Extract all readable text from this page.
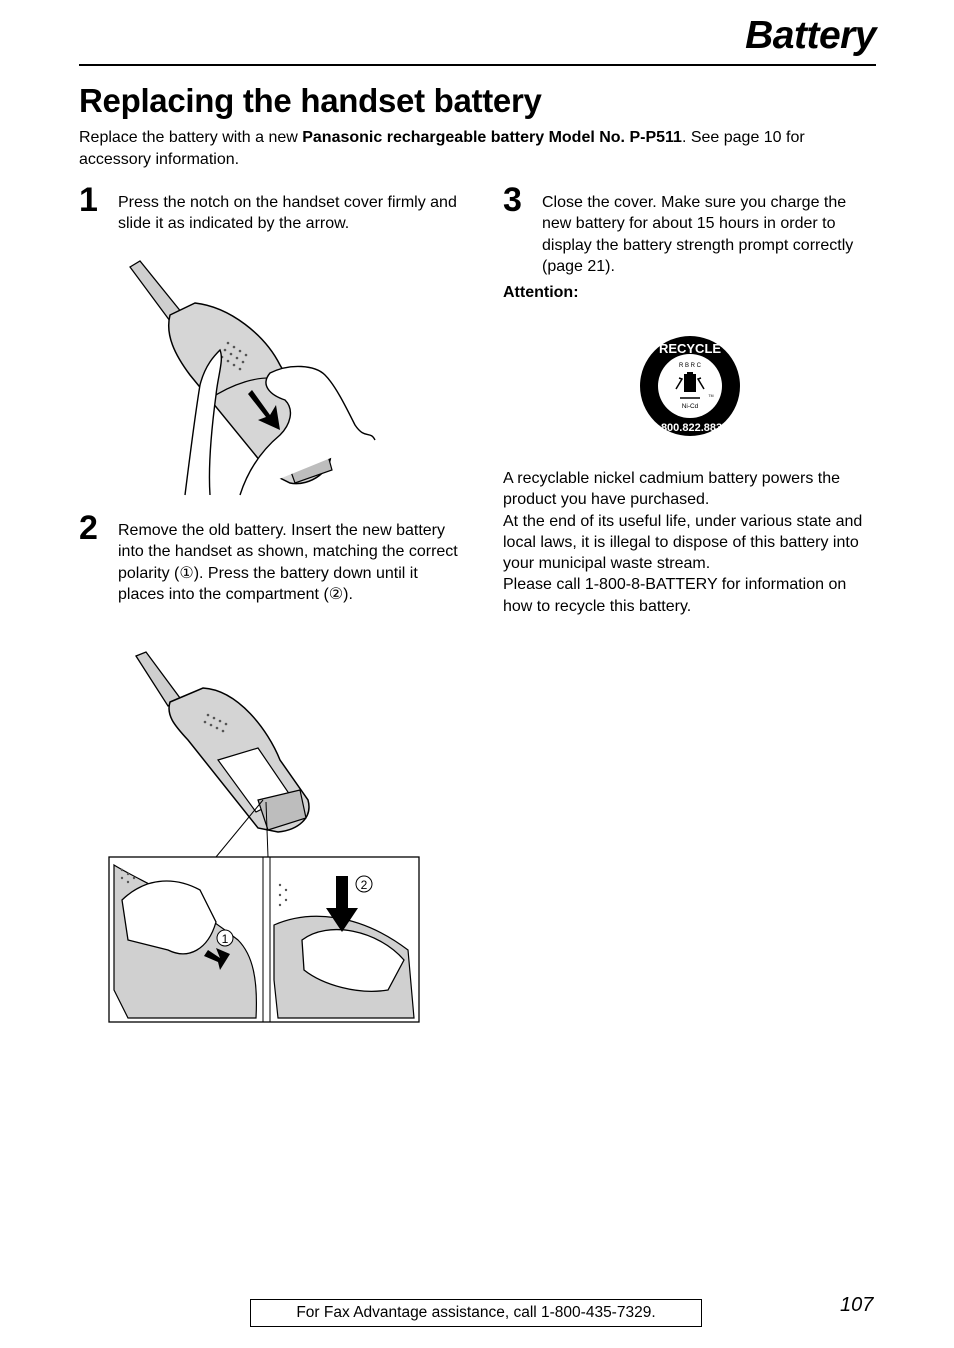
Battery
Replacing the handset battery
Replace the battery with a new Panasonic rechargeable battery Model No. P-P511. See page 10 for accessory information.
1 Press the notch on the handset cover firmly and slide it as indicated by the arrow.
2 Remove the old battery. Insert the new battery into the handset as shown, matching the correct polarity (①). Press the battery down until it places into the compartment (②).
1
2
3 Close the cover. Make sure you charge the new battery for about 15 hours in order to display the battery strength prompt correctly (page 21).
Attention:
RECYCLE
1.800.822.8837
R B R C
Ni-Cd
TM
A recyclable nickel cadmium battery powers the product you have purchased.
At the end of its useful life, under various state and local laws, it is illegal to dispose of this battery into your municipal waste stream.
Please call 1-800-8-BATTERY for information on how to recycle this battery.
For Fax Advantage assistance, call 1-800-435-7329.	107
